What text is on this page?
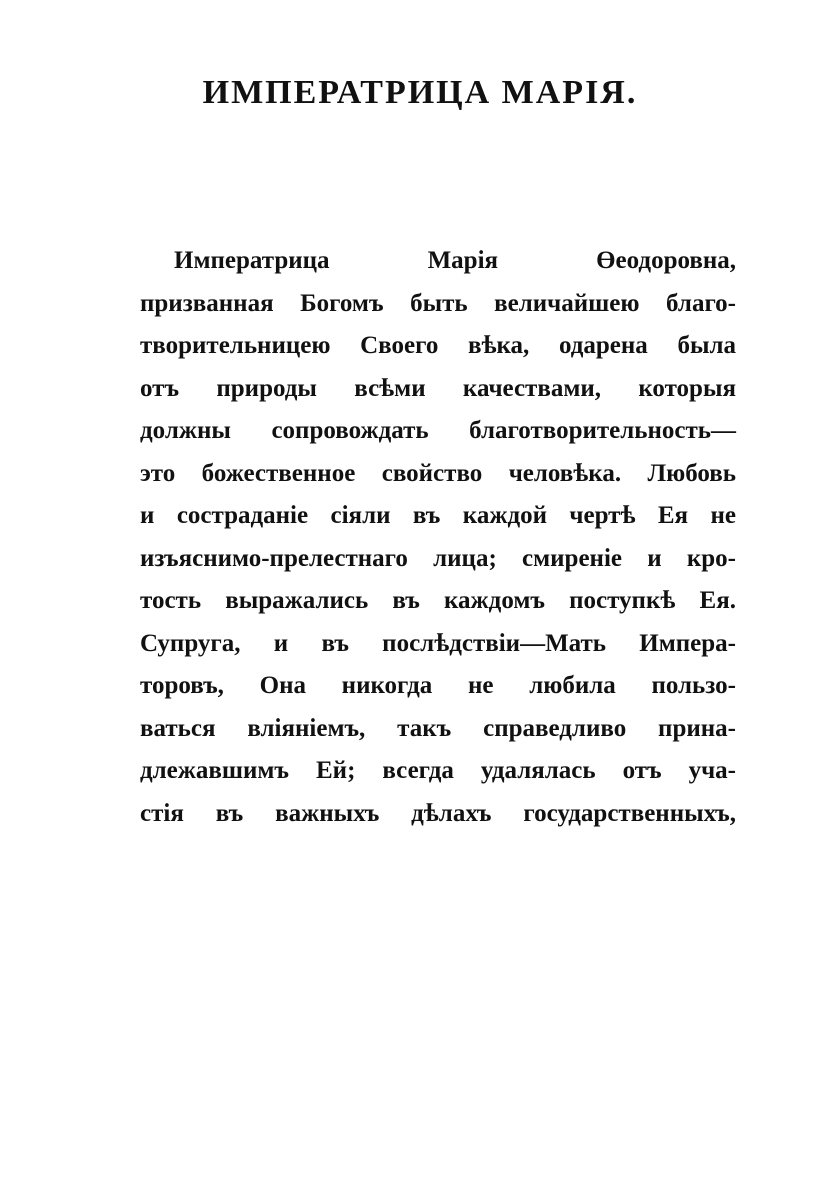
ИМПЕРАТРИЦА МАРІЯ.
Императрица Марія Өеодоровна,
призванная Богомъ быть величайшею благо-
творительницею Своего вѣка, одарена была
отъ природы всѣми качествами, которыя
должны сопровождать благотворительность—
это божественное свойство человѣка. Любовь
и состраданіе сіяли въ каждой чертѣ Ея не
изъяснимо-прелестнаго лица; смиреніе и кро-
тость выражались въ каждомъ поступкѣ Ея.
Супруга, и въ послѣдствіи—Мать Импера-
торовъ, Она никогда не любила пользо-
ваться вліяніемъ, такъ справедливо прина-
длежавшимъ Ей; всегда удалялась отъ уча-
стія въ важныхъ дѣлахъ государственныхъ,
